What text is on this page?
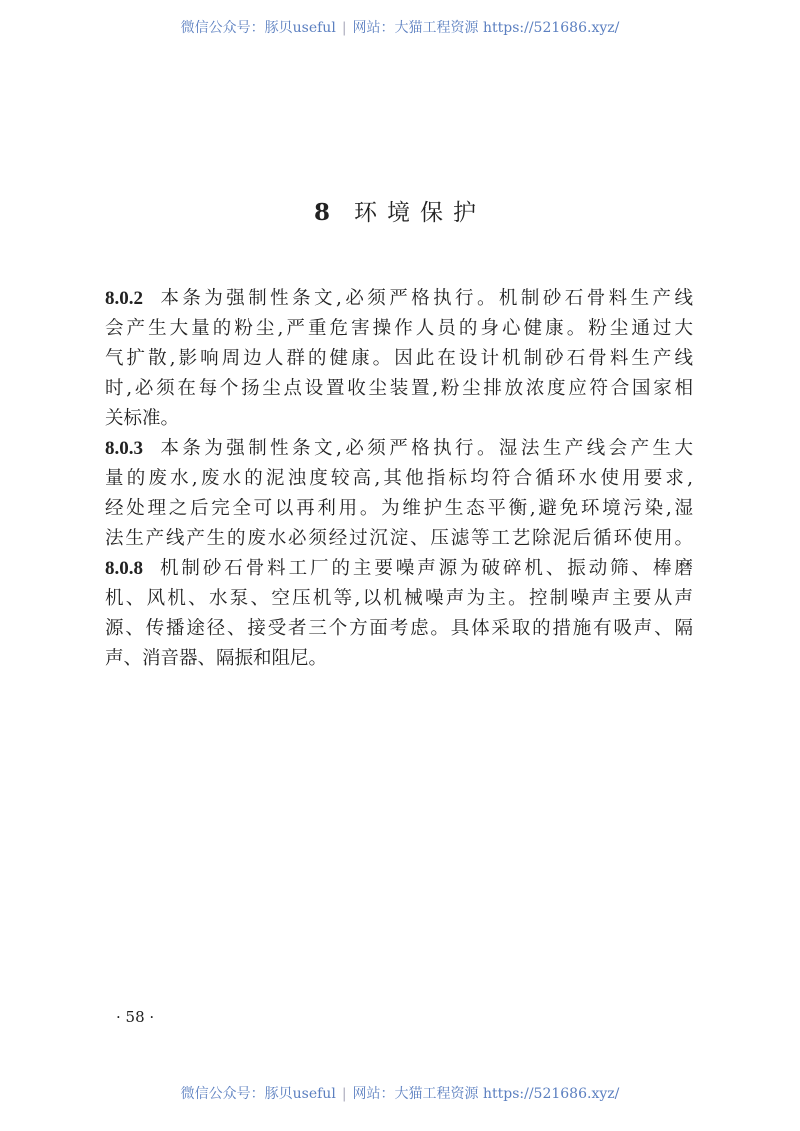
微信公众号：豚贝useful | 网站：大猫工程资源 https://521686.xyz/
8 环境保护
8.0.2 本条为强制性条文,必须严格执行。机制砂石骨料生产线
会产生大量的粉尘,严重危害操作人员的身心健康。粉尘通过大
气扩散,影响周边人群的健康。因此在设计机制砂石骨料生产线
时,必须在每个扬尘点设置收尘装置,粉尘排放浓度应符合国家相
关标准。
8.0.3 本条为强制性条文,必须严格执行。湿法生产线会产生大
量的废水,废水的泥浊度较高,其他指标均符合循环水使用要求,
经处理之后完全可以再利用。为维护生态平衡,避免环境污染,湿
法生产线产生的废水必须经过沉淀、压滤等工艺除泥后循环使用。
8.0.8 机制砂石骨料工厂的主要噪声源为破碎机、振动筛、棒磨
机、风机、水泵、空压机等,以机械噪声为主。控制噪声主要从声
源、传播途径、接受者三个方面考虑。具体采取的措施有吸声、隔
声、消音器、隔振和阻尼。
· 58 ·
微信公众号：豚贝useful | 网站：大猫工程资源 https://521686.xyz/
